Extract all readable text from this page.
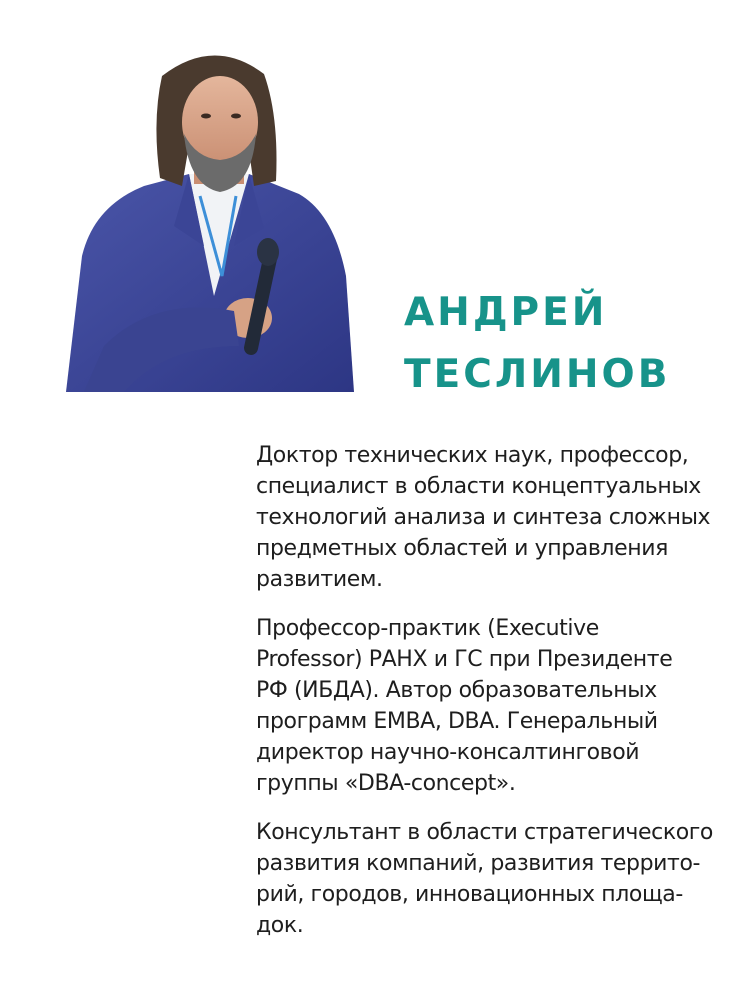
АНДРЕЙ
ТЕСЛИНОВ

Доктор технических наук, профессор,
специалист в области концептуальных
технологий анализа и синтеза сложных
предметных областей и управления
развитием.

Профессор-практик (Executive
Professor) РАНХ и ГС при Президенте
РФ (ИБДА). Автор образовательных
программ EMBA, DBA. Генеральный
директор научно-консалтинговой
группы «DBA-concept».

Консультант в области стратегического
развития компаний, развития террито-
рий, городов, инновационных площа-
док.
